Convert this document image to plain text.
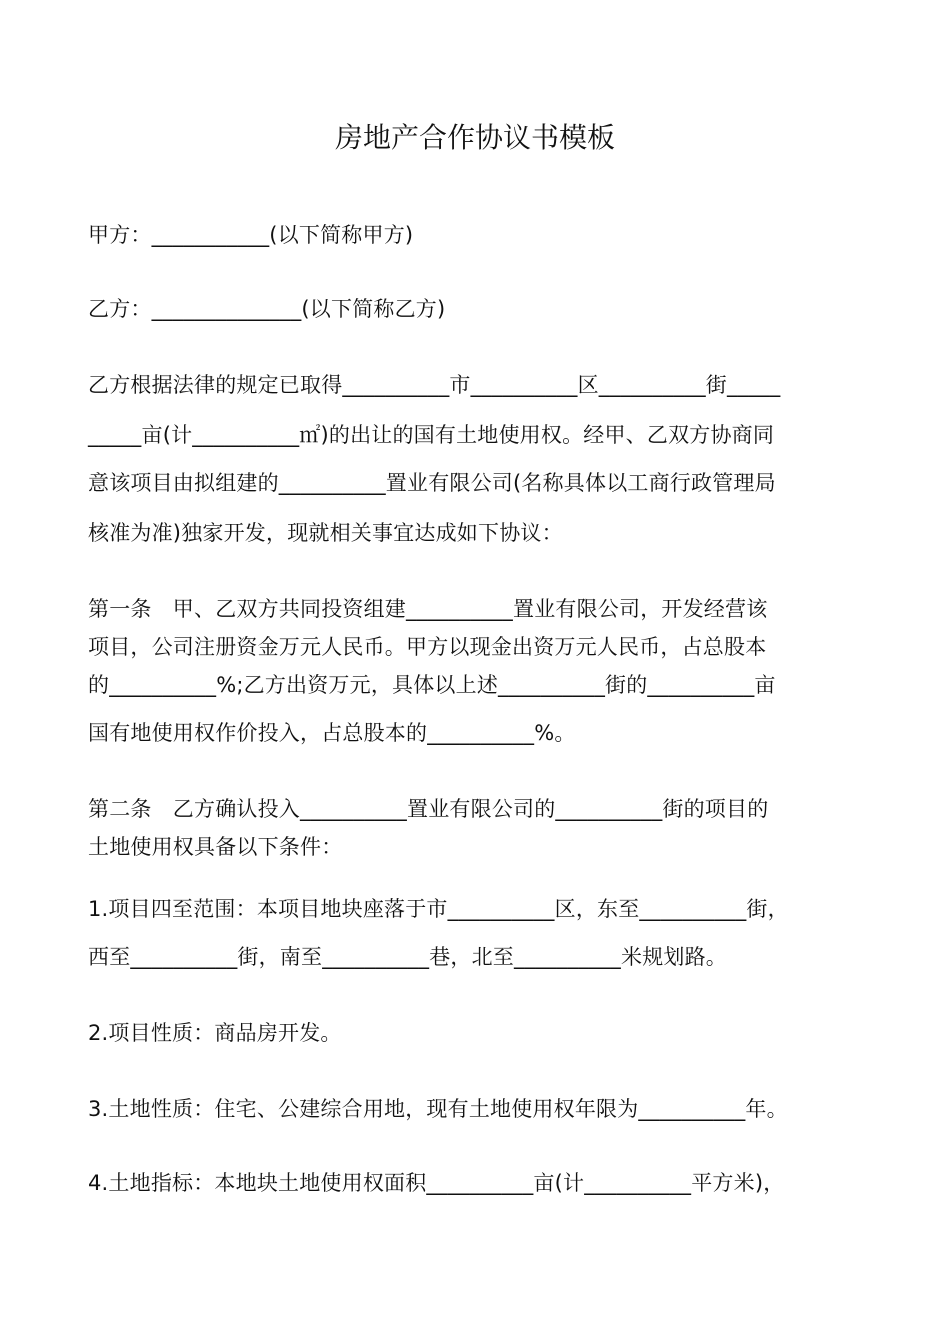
房地产合作协议书模板
甲方：___________(以下简称甲方)
乙方：______________(以下简称乙方)
乙方根据法律的规定已取得__________市__________区__________街_____
_____亩(计__________㎡)的出让的国有土地使用权。经甲、乙双方协商同
意该项目由拟组建的__________置业有限公司(名称具体以工商行政管理局
核准为准)独家开发，现就相关事宜达成如下协议：
第一条　甲、乙双方共同投资组建__________置业有限公司，开发经营该
项目，公司注册资金万元人民币。甲方以现金出资万元人民币，占总股本
的__________%;乙方出资万元，具体以上述__________街的__________亩
国有地使用权作价投入，占总股本的__________%。
第二条　乙方确认投入__________置业有限公司的__________街的项目的
土地使用权具备以下条件：
1.项目四至范围：本项目地块座落于市__________区，东至__________街，
西至__________街，南至__________巷，北至__________米规划路。
2.项目性质：商品房开发。
3.土地性质：住宅、公建综合用地，现有土地使用权年限为__________年。
4.土地指标：本地块土地使用权面积__________亩(计__________平方米)，
